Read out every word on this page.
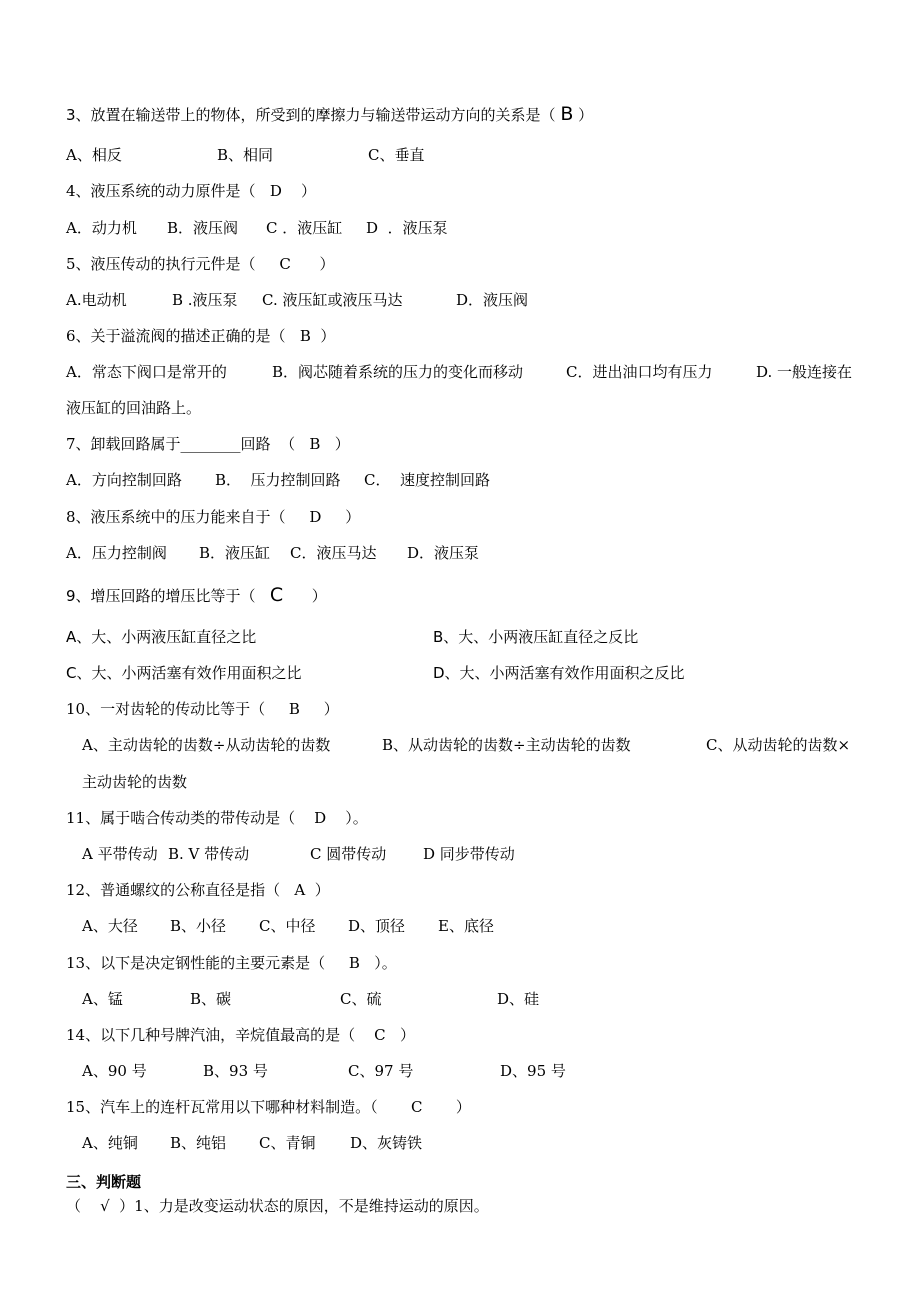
3、放置在输送带上的物体，所受到的摩擦力与输送带运动方向的关系是（ B ）
A、相反	B、相同	C、垂直
4、液压系统的动力原件是（   D    ）
A．动力机 B．液压阀 C ．液压缸 D  ．液压泵
5、液压传动的执行元件是（     C      ）
A.电动机	B .液压泵 C. 液压缸或液压马达	D．液压阀
6、关于溢流阀的描述正确的是（   B  ）
A．常态下阀口是常开的	B．阀芯随着系统的压力的变化而移动	C．进出油口均有压力	D. 一般连接在
液压缸的回油路上。
7、卸载回路属于________回路  （   B   ）
A．方向控制回路 B．  压力控制回路 C．  速度控制回路
8、液压系统中的压力能来自于（     D     ）
A．压力控制阀 B．液压缸 C．液压马达 D．液压泵
9、增压回路的增压比等于（   C      ）
A、大、小两液压缸直径之比	B、大、小两液压缸直径之反比
C、大、小两活塞有效作用面积之比	D、大、小两活塞有效作用面积之反比
10、一对齿轮的传动比等于（     B     ）
A、主动齿轮的齿数÷从动齿轮的齿数	B、从动齿轮的齿数÷主动齿轮的齿数	C、从动齿轮的齿数×
主动齿轮的齿数
11、属于啮合传动类的带传动是（    D    ）。
A 平带传动 B. V 带传动	C 圆带传动 D 同步带传动
12、普通螺纹的公称直径是指（   A  ）
A、大径 B、小径 C、中径 D、顶径 E、底径
13、以下是决定钢性能的主要元素是（     B   ）。
A、锰	B、碳	C、硫	D、硅
14、以下几种号牌汽油，辛烷值最高的是（    C   ）
A、90 号	B、93 号	C、97 号	D、95 号
15、汽车上的连杆瓦常用以下哪种材料制造。（       C       ）
A、纯铜 B、纯铝 C、青铜 D、灰铸铁
三、判断题
（    √  ）1、力是改变运动状态的原因，不是维持运动的原因。
